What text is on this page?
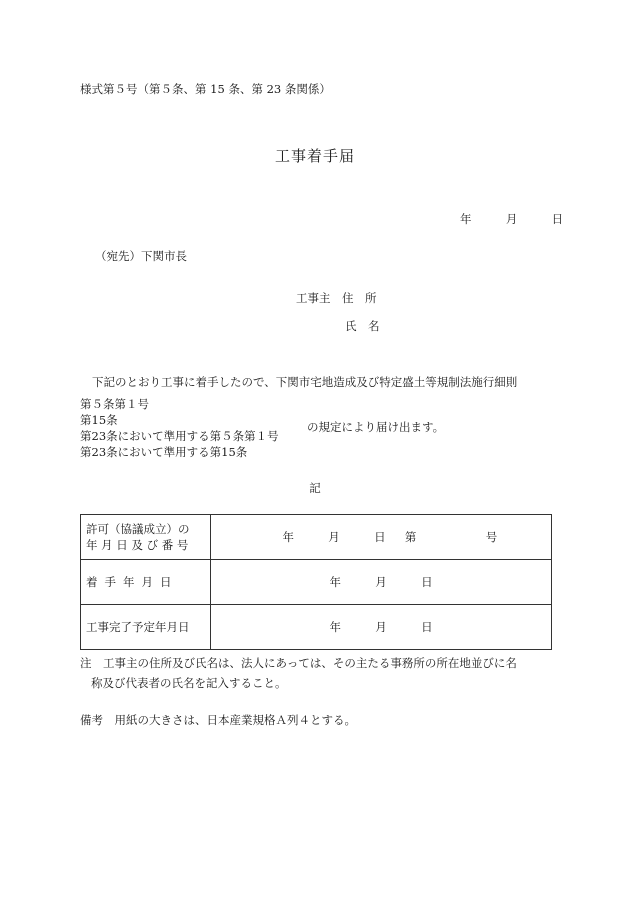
様式第５号（第５条、第 15 条、第 23 条関係）
工事着手届
年	月	日
（宛先）下関市長
工事主　住　所
氏　名
下記のとおり工事に着手したので、下関市宅地造成及び特定盛土等規制法施行細則
第５条第１号
第15条
第23条において準用する第５条第１号
第23条において準用する第15条
の規定により届け出ます。
記
許可（協議成立）の
年 月 日 及 び 番 号	年 月 日 第 号
着手年月日	年 月 日
工事完了予定年月日	年 月 日
注　工事主の住所及び氏名は、法人にあっては、その主たる事務所の所在地並びに名
称及び代表者の氏名を記入すること。
備考　用紙の大きさは、日本産業規格Ａ列４とする。
